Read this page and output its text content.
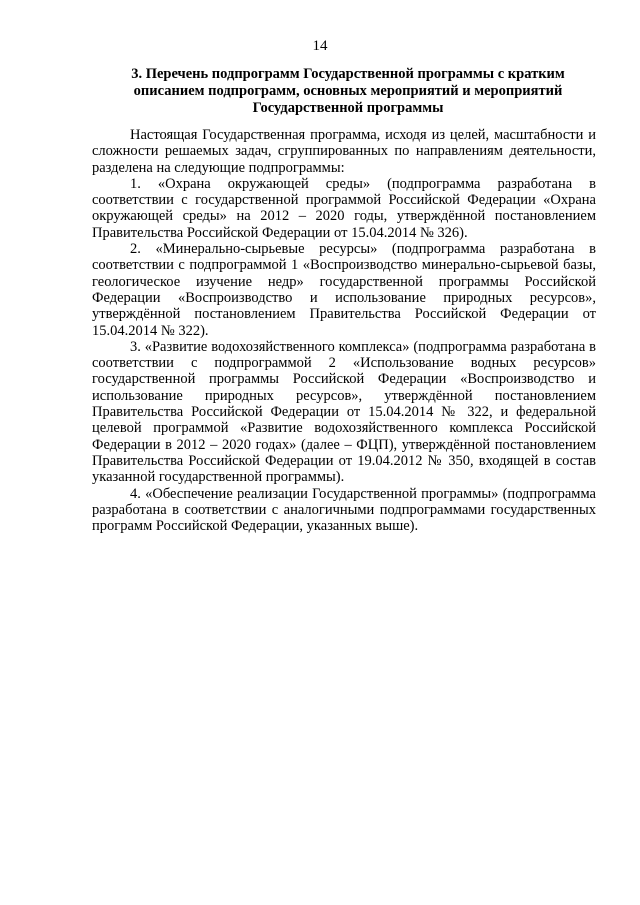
14
3. Перечень подпрограмм Государственной программы с кратким описанием подпрограмм, основных мероприятий и мероприятий Государственной программы

Настоящая Государственная программа, исходя из целей, масштабности и сложности решаемых задач, сгруппированных по направлениям деятельности, разделена на следующие подпрограммы:

1. «Охрана окружающей среды» (подпрограмма разработана в соответствии с государственной программой Российской Федерации «Охрана окружающей среды» на 2012 – 2020 годы, утверждённой постановлением Правительства Российской Федерации от 15.04.2014 № 326).

2. «Минерально-сырьевые ресурсы» (подпрограмма разработана в соответствии с подпрограммой 1 «Воспроизводство минерально-сырьевой базы, геологическое изучение недр» государственной программы Российской Федерации «Воспроизводство и использование природных ресурсов», утверждённой постановлением Правительства Российской Федерации от 15.04.2014 № 322).

3. «Развитие водохозяйственного комплекса» (подпрограмма разработана в соответствии с подпрограммой 2 «Использование водных ресурсов» государственной программы Российской Федерации «Воспроизводство и использование природных ресурсов», утверждённой постановлением Правительства Российской Федерации от 15.04.2014 № 322, и федеральной целевой программой «Развитие водохозяйственного комплекса Российской Федерации в 2012 – 2020 годах» (далее – ФЦП), утверждённой постановлением Правительства Российской Федерации от 19.04.2012 № 350, входящей в состав указанной государственной программы).

4. «Обеспечение реализации Государственной программы» (подпрограмма разработана в соответствии с аналогичными подпрограммами государственных программ Российской Федерации, указанных выше).
